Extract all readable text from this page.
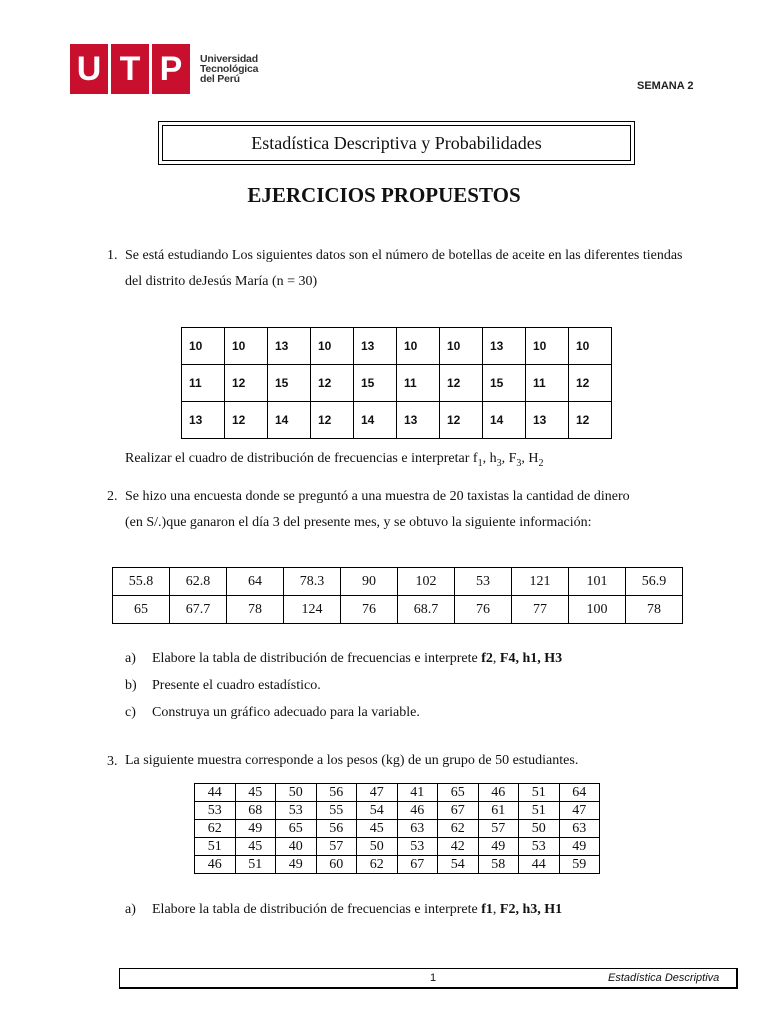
U T P	Universidad
Tecnológica
del Perú
SEMANA 2
Estadística Descriptiva y Probabilidades
EJERCICIOS PROPUESTOS
1. Se está estudiando Los siguientes datos son el número de botellas de aceite en las diferentes tiendas
del distrito deJesús María (n = 30)
10	10	13	10	13	10	10	13	10	10
11	12	15	12	15	11	12	15	11	12
13	12	14	12	14	13	12	14	13	12
Realizar el cuadro de distribución de frecuencias e interpretar $f_1$, $h_3$, $F_3$, $H_2$
2. Se hizo una encuesta donde se preguntó a una muestra de 20 taxistas la cantidad de dinero
(en S/.)que ganaron el día 3 del presente mes, y se obtuvo la siguiente información:
55.8	62.8	64	78.3	90	102	53	121	101	56.9
65	67.7	78	124	76	68.7	76	77	100	78
a) Elabore la tabla de distribución de frecuencias e interprete f2, F4, h1, H3
b) Presente el cuadro estadístico.
c) Construya un gráfico adecuado para la variable.
3. La siguiente muestra corresponde a los pesos (kg) de un grupo de 50 estudiantes.
44	45	50	56	47	41	65	46	51	64
53	68	53	55	54	46	67	61	51	47
62	49	65	56	45	63	62	57	50	63
51	45	40	57	50	53	42	49	53	49
46	51	49	60	62	67	54	58	44	59
a) Elabore la tabla de distribución de frecuencias e interprete f1, F2, h3, H1
1	Estadística Descriptiva
